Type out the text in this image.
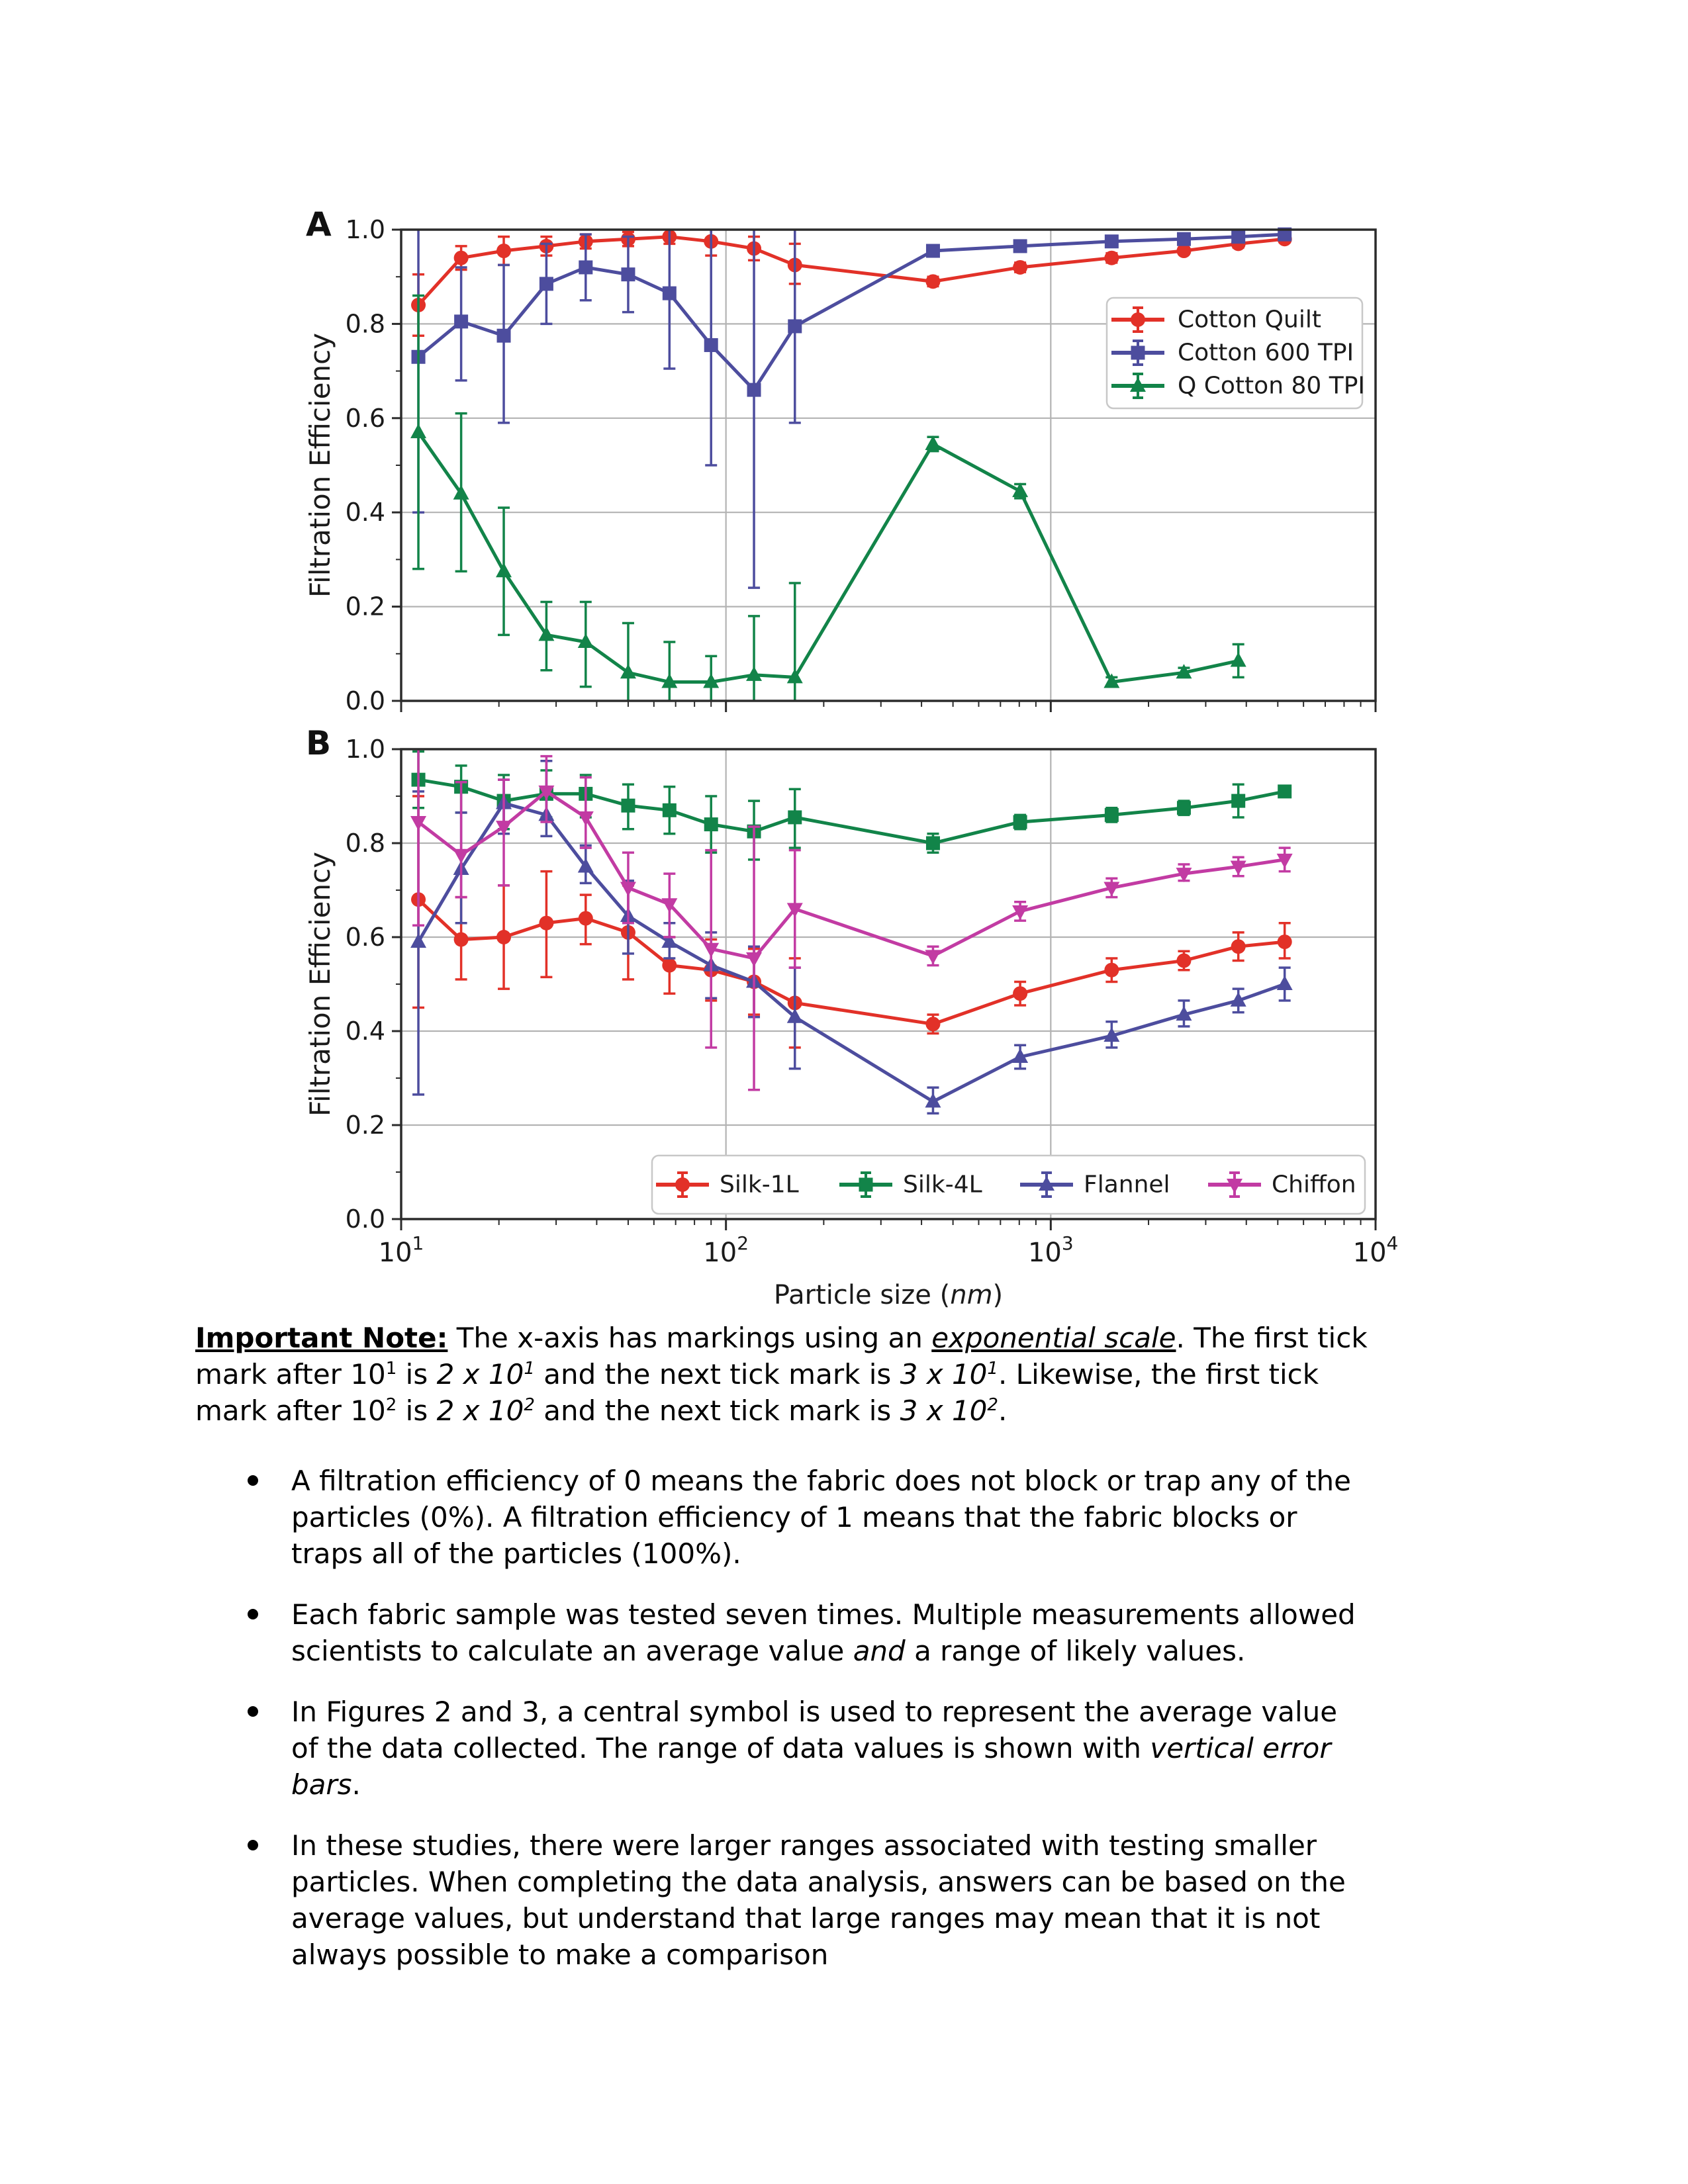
A
0.0
0.2
0.4
0.6
0.8
1.0
Filtration Efficiency
Cotton Quilt
Cotton 600 TPI
Q Cotton 80 TPI
B
0.0
0.2
0.4
0.6
0.8
1.0
$10^1$	$10^2$	$10^3$	$10^4$
Filtration Efficiency
Particle size (nm)
Silk-1L	Silk-4L	Flannel	Chiffon

Important Note: The x-axis has markings using an exponential scale. The first tick
mark after $10^1$ is 2 x $10^1$ and the next tick mark is 3 x $10^1$. Likewise, the first tick
mark after $10^2$ is 2 x $10^2$ and the next tick mark is 3 x $10^2$.

A filtration efficiency of 0 means the fabric does not block or trap any of the
particles (0%). A filtration efficiency of 1 means that the fabric blocks or
traps all of the particles (100%).
Each fabric sample was tested seven times. Multiple measurements allowed
scientists to calculate an average value and a range of likely values.
In Figures 2 and 3, a central symbol is used to represent the average value
of the data collected. The range of data values is shown with vertical error
bars.
In these studies, there were larger ranges associated with testing smaller
particles. When completing the data analysis, answers can be based on the
average values, but understand that large ranges may mean that it is not
always possible to make a comparison
